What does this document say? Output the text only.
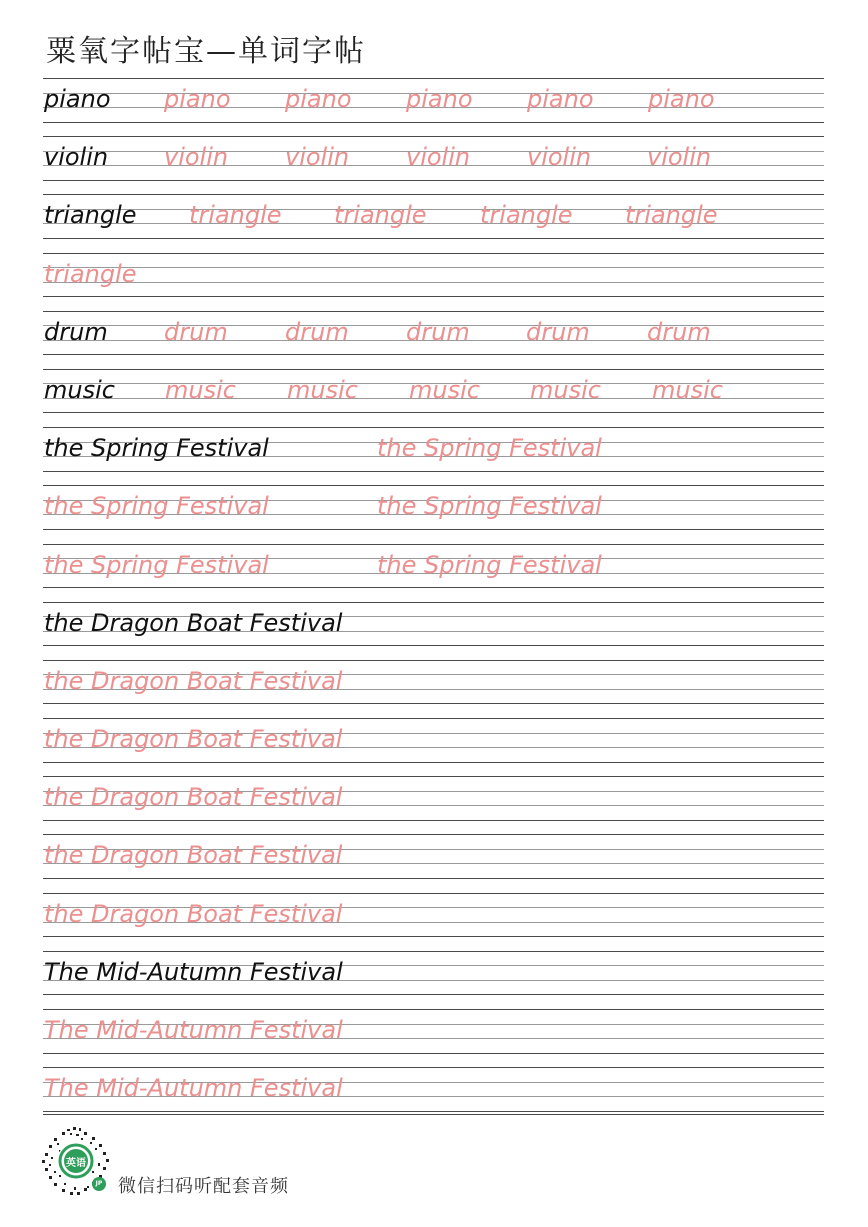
粟氧字帖宝—单词字帖
piano piano piano piano piano piano
violin violin violin violin violin violin
triangle triangle triangle triangle triangle
triangle
drum drum drum drum drum drum
music music music music music music
the Spring Festival	the Spring Festival
the Spring Festival	the Spring Festival
the Spring Festival	the Spring Festival
the Dragon Boat Festival
the Dragon Boat Festival
the Dragon Boat Festival
the Dragon Boat Festival
the Dragon Boat Festival
the Dragon Boat Festival
The Mid-Autumn Festival
The Mid-Autumn Festival
The Mid-Autumn Festival
英语
JP 微信扫码听配套音频
